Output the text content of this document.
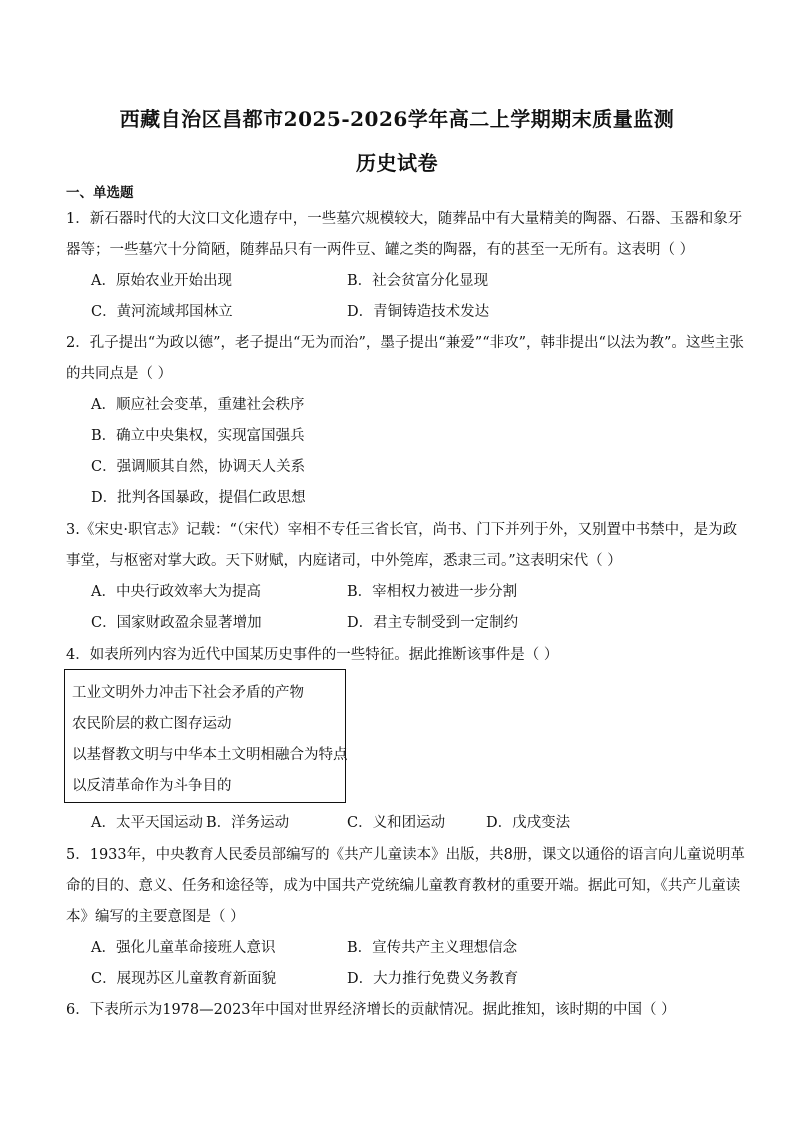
西藏自治区昌都市2025-2026学年高二上学期期末质量监测
历史试卷
一、单选题
1．新石器时代的大汶口文化遗存中，一些墓穴规模较大，随葬品中有大量精美的陶器、石器、玉器和象牙
器等；一些墓穴十分简陋，随葬品只有一两件豆、罐之类的陶器，有的甚至一无所有。这表明（ ）
A．原始农业开始出现	B．社会贫富分化显现
C．黄河流域邦国林立	D．青铜铸造技术发达
2．孔子提出“为政以德”，老子提出“无为而治”，墨子提出“兼爱”“非攻”，韩非提出“以法为教”。这些主张
的共同点是（ ）
A．顺应社会变革，重建社会秩序
B．确立中央集权，实现富国强兵
C．强调顺其自然，协调天人关系
D．批判各国暴政，提倡仁政思想
3.《宋史·职官志》记载：“（宋代）宰相不专任三省长官，尚书、门下并列于外，又别置中书禁中，是为政
事堂，与枢密对掌大政。天下财赋，内庭诸司，中外筦库，悉隶三司。”这表明宋代（ ）
A．中央行政效率大为提高	B．宰相权力被进一步分割
C．国家财政盈余显著增加	D．君主专制受到一定制约
4．如表所列内容为近代中国某历史事件的一些特征。据此推断该事件是（ ）
工业文明外力冲击下社会矛盾的产物
农民阶层的救亡图存运动
以基督教文明与中华本土文明相融合为特点
以反清革命作为斗争目的
A．太平天国运动 B．洋务运动	C．义和团运动	D．戊戌变法
5．1933年，中央教育人民委员部编写的《共产儿童读本》出版，共8册，课文以通俗的语言向儿童说明革
命的目的、意义、任务和途径等，成为中国共产党统编儿童教育教材的重要开端。据此可知，《共产儿童读
本》编写的主要意图是（ ）
A．强化儿童革命接班人意识	B．宣传共产主义理想信念
C．展现苏区儿童教育新面貌	D．大力推行免费义务教育
6．下表所示为1978—2023年中国对世界经济增长的贡献情况。据此推知，该时期的中国（ ）
